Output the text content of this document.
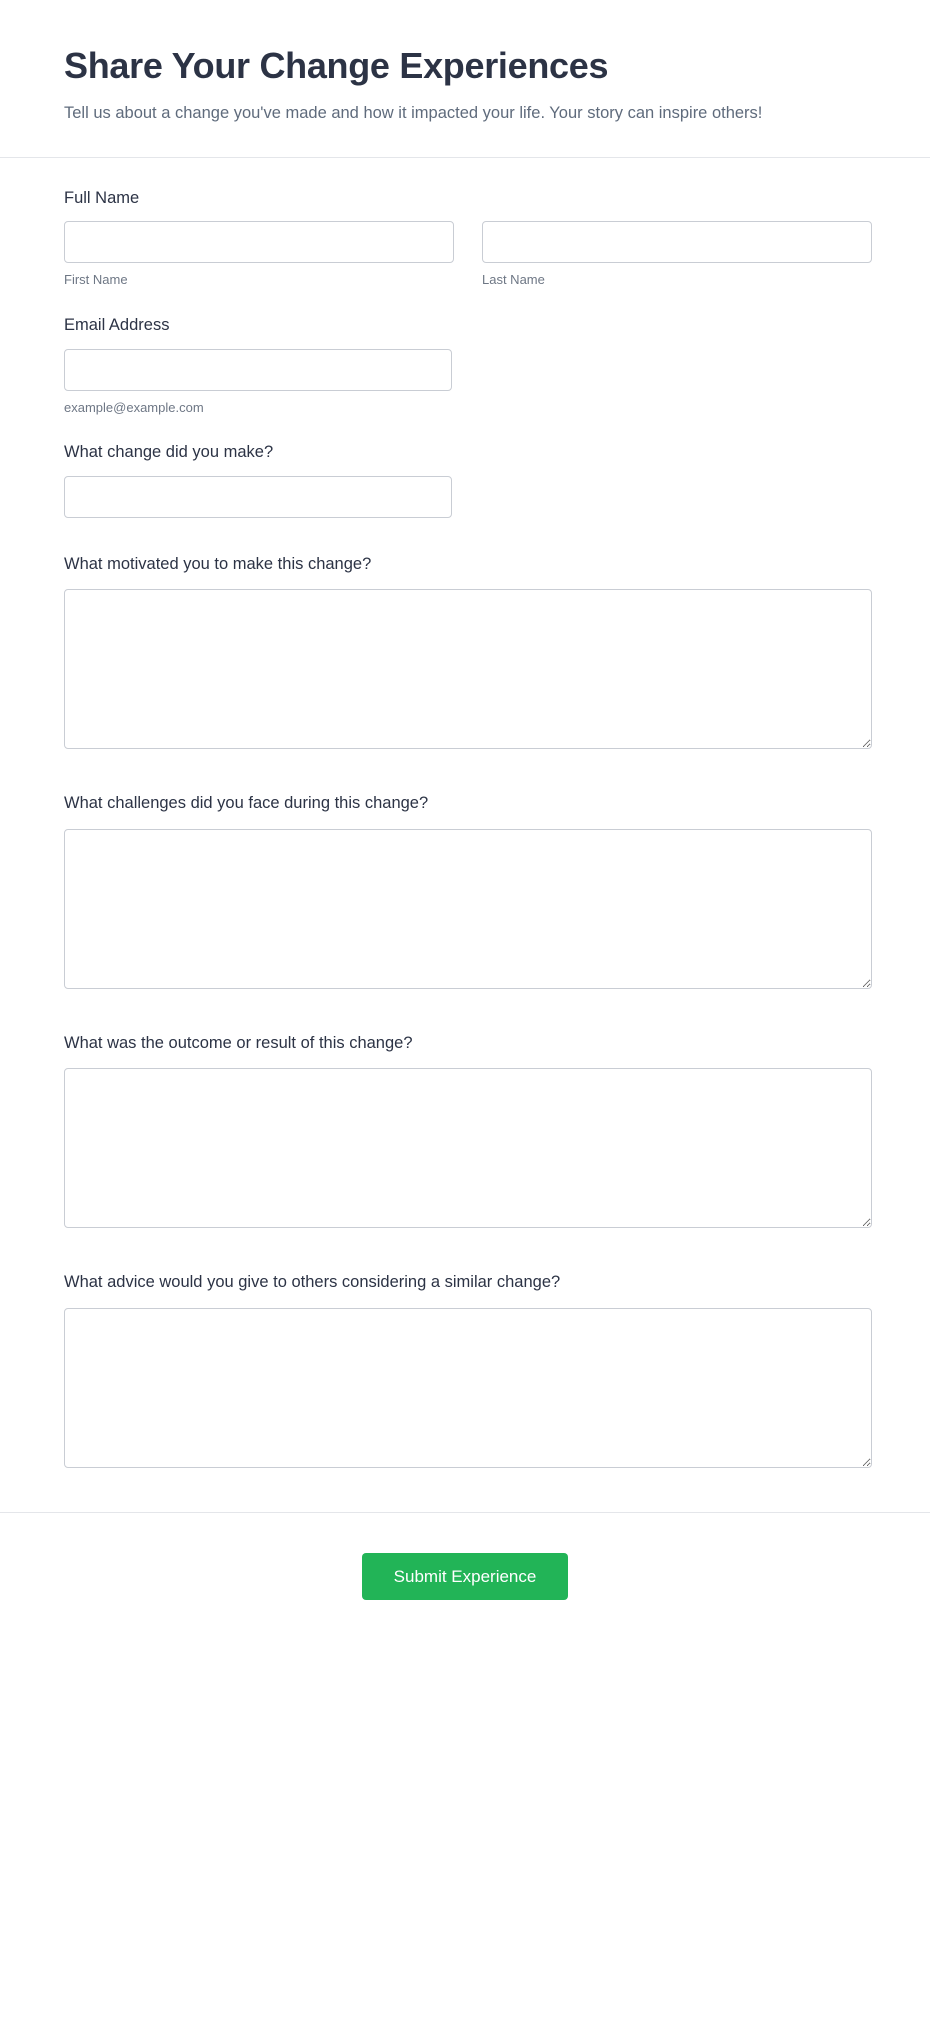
Share Your Change Experiences

Tell us about a change you've made and how it impacted your life. Your story can inspire others!

Full Name
First Name	Last Name
Email Address
example@example.com
What change did you make?
What motivated you to make this change?
What challenges did you face during this change?
What was the outcome or result of this change?
What advice would you give to others considering a similar change?
Submit Experience
